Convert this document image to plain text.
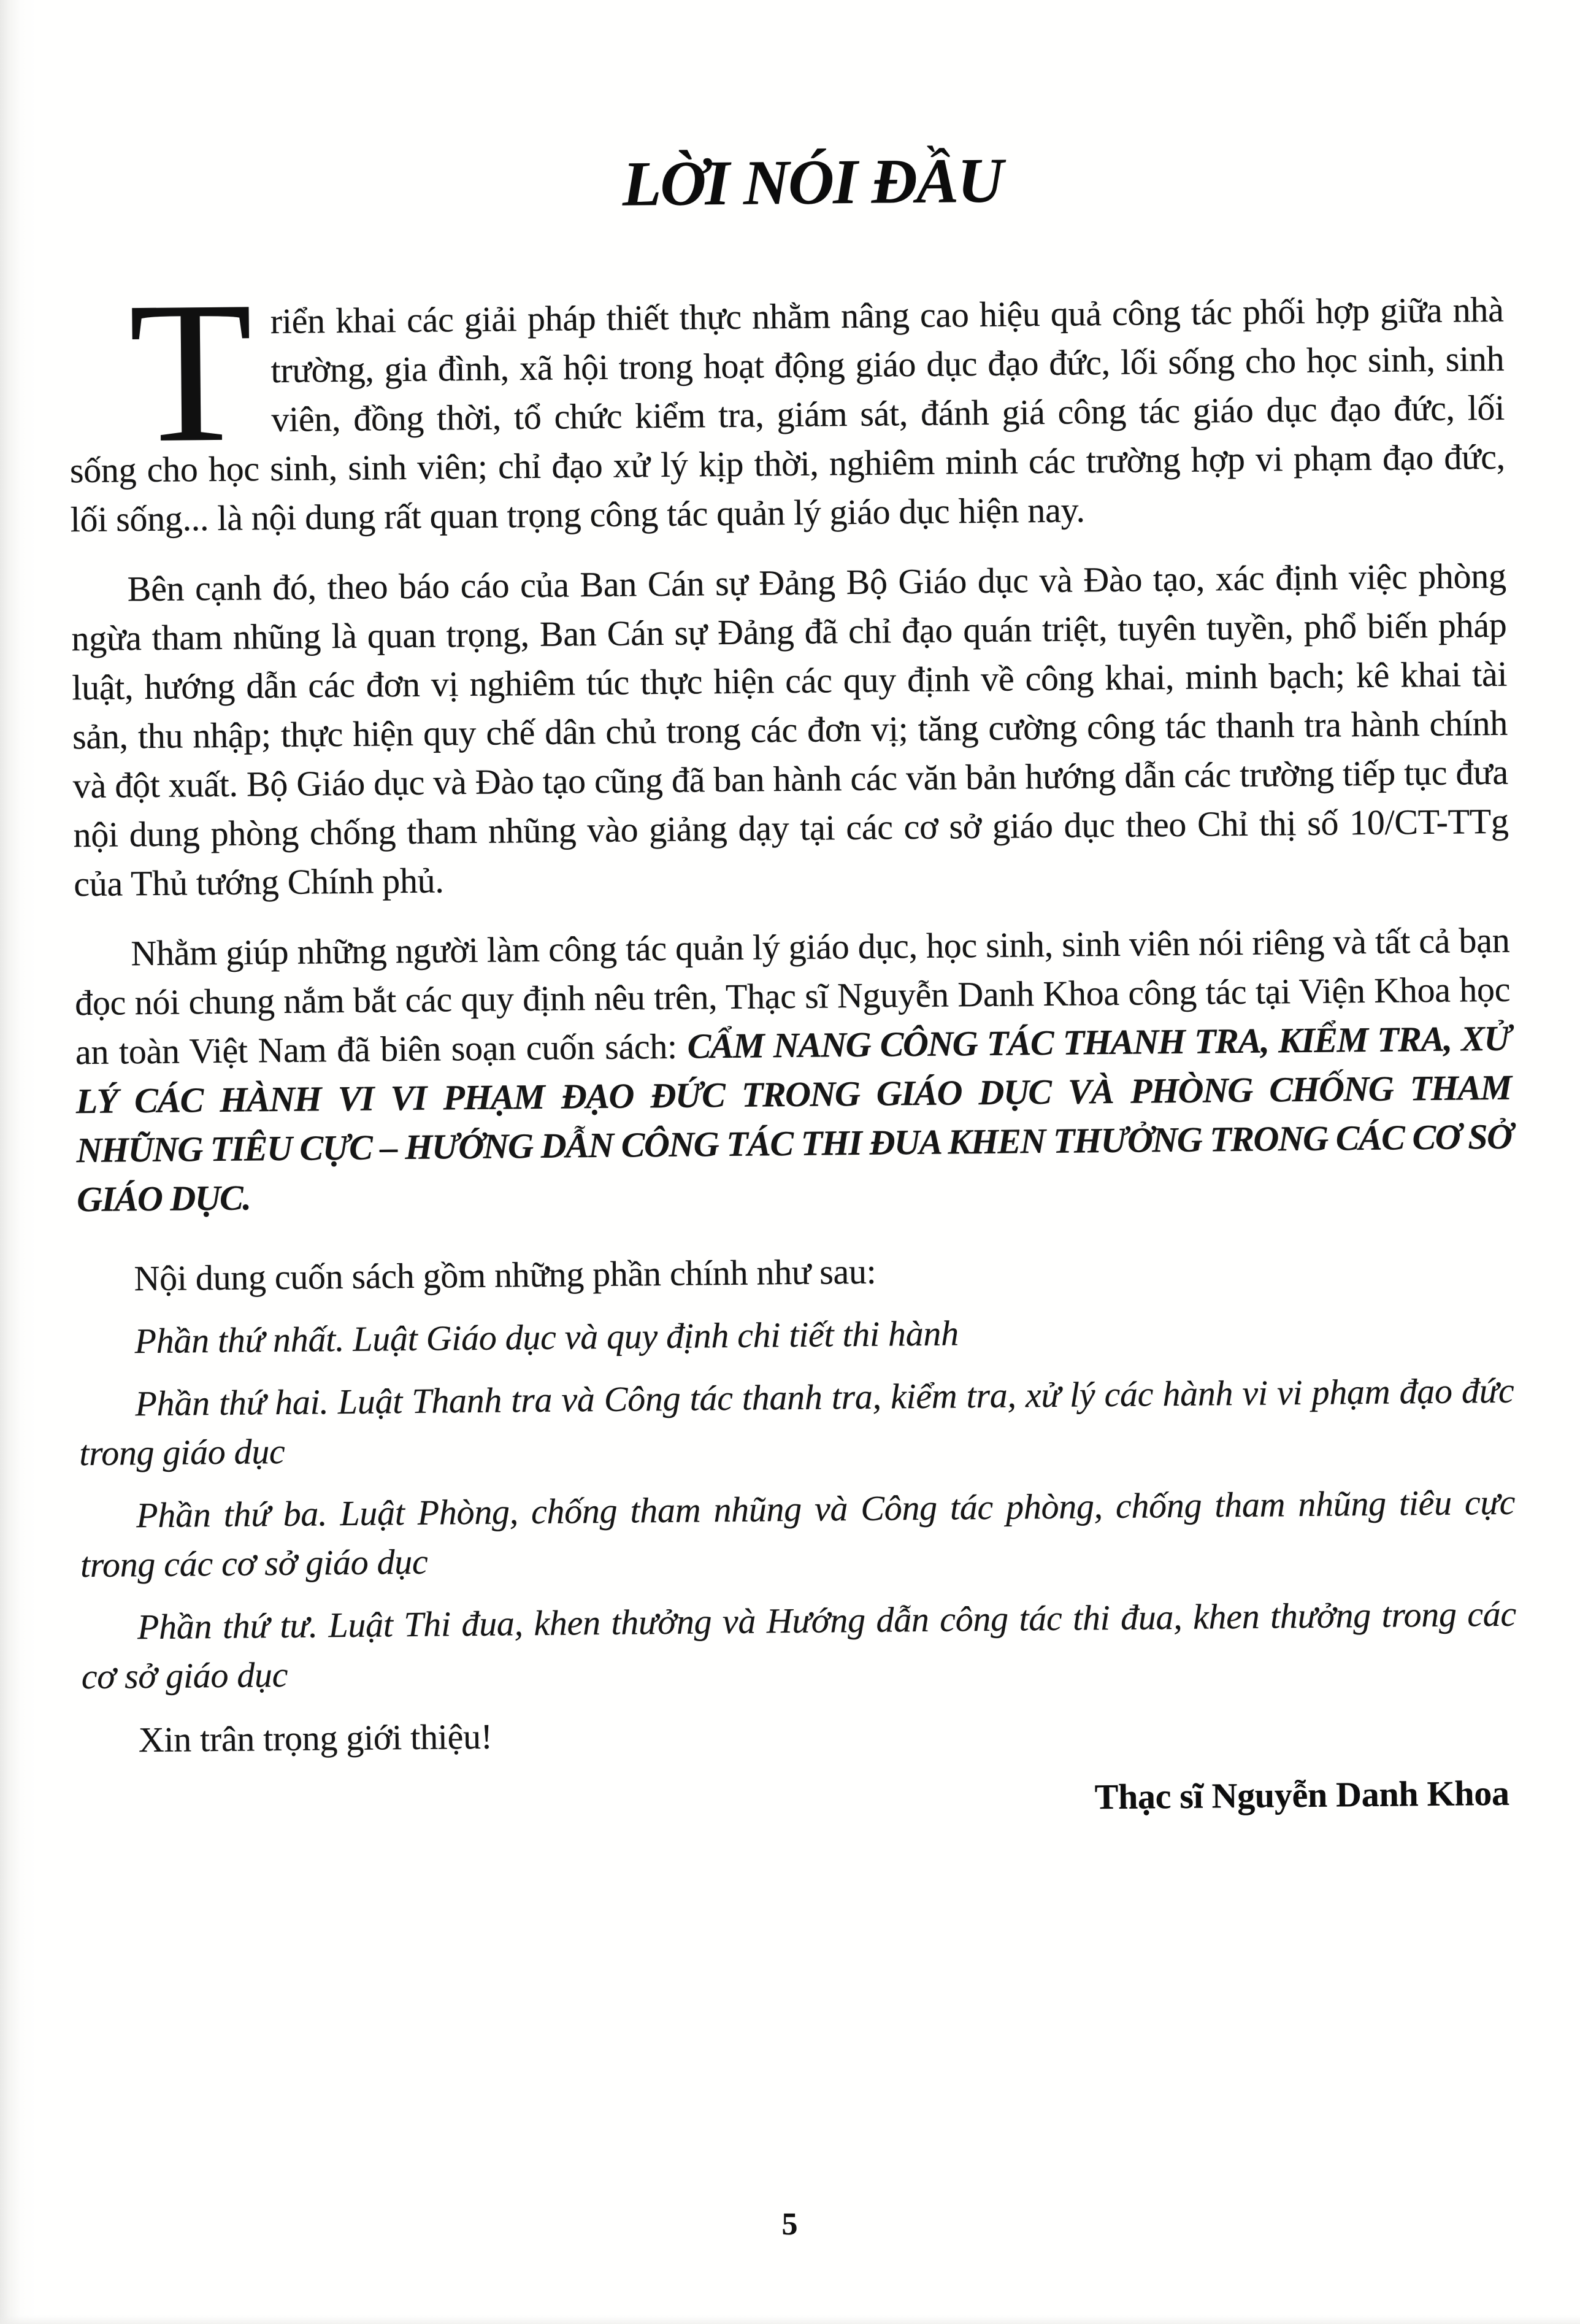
LỜI NÓI ĐẦU

Triển khai các giải pháp thiết thực nhằm nâng cao hiệu quả công tác phối hợp giữa nhà trường, gia đình, xã hội trong hoạt động giáo dục đạo đức, lối sống cho học sinh, sinh viên, đồng thời, tổ chức kiểm tra, giám sát, đánh giá công tác giáo dục đạo đức, lối sống cho học sinh, sinh viên; chỉ đạo xử lý kịp thời, nghiêm minh các trường hợp vi phạm đạo đức, lối sống... là nội dung rất quan trọng công tác quản lý giáo dục hiện nay.

Bên cạnh đó, theo báo cáo của Ban Cán sự Đảng Bộ Giáo dục và Đào tạo, xác định việc phòng ngừa tham nhũng là quan trọng, Ban Cán sự Đảng đã chỉ đạo quán triệt, tuyên tuyền, phổ biến pháp luật, hướng dẫn các đơn vị nghiêm túc thực hiện các quy định về công khai, minh bạch; kê khai tài sản, thu nhập; thực hiện quy chế dân chủ trong các đơn vị; tăng cường công tác thanh tra hành chính và đột xuất. Bộ Giáo dục và Đào tạo cũng đã ban hành các văn bản hướng dẫn các trường tiếp tục đưa nội dung phòng chống tham nhũng vào giảng dạy tại các cơ sở giáo dục theo Chỉ thị số 10/CT-TTg của Thủ tướng Chính phủ.

Nhằm giúp những người làm công tác quản lý giáo dục, học sinh, sinh viên nói riêng và tất cả bạn đọc nói chung nắm bắt các quy định nêu trên, Thạc sĩ Nguyễn Danh Khoa công tác tại Viện Khoa học an toàn Việt Nam đã biên soạn cuốn sách: CẨM NANG CÔNG TÁC THANH TRA, KIỂM TRA, XỬ LÝ CÁC HÀNH VI VI PHẠM ĐẠO ĐỨC TRONG GIÁO DỤC VÀ PHÒNG CHỐNG THAM NHŨNG TIÊU CỰC – HƯỚNG DẪN CÔNG TÁC THI ĐUA KHEN THƯỞNG TRONG CÁC CƠ SỞ GIÁO DỤC.

Nội dung cuốn sách gồm những phần chính như sau:

Phần thứ nhất. Luật Giáo dục và quy định chi tiết thi hành

Phần thứ hai. Luật Thanh tra và Công tác thanh tra, kiểm tra, xử lý các hành vi vi phạm đạo đức trong giáo dục

Phần thứ ba. Luật Phòng, chống tham nhũng và Công tác phòng, chống tham nhũng tiêu cực trong các cơ sở giáo dục

Phần thứ tư. Luật Thi đua, khen thưởng và Hướng dẫn công tác thi đua, khen thưởng trong các cơ sở giáo dục

Xin trân trọng giới thiệu!

Thạc sĩ Nguyễn Danh Khoa

5
